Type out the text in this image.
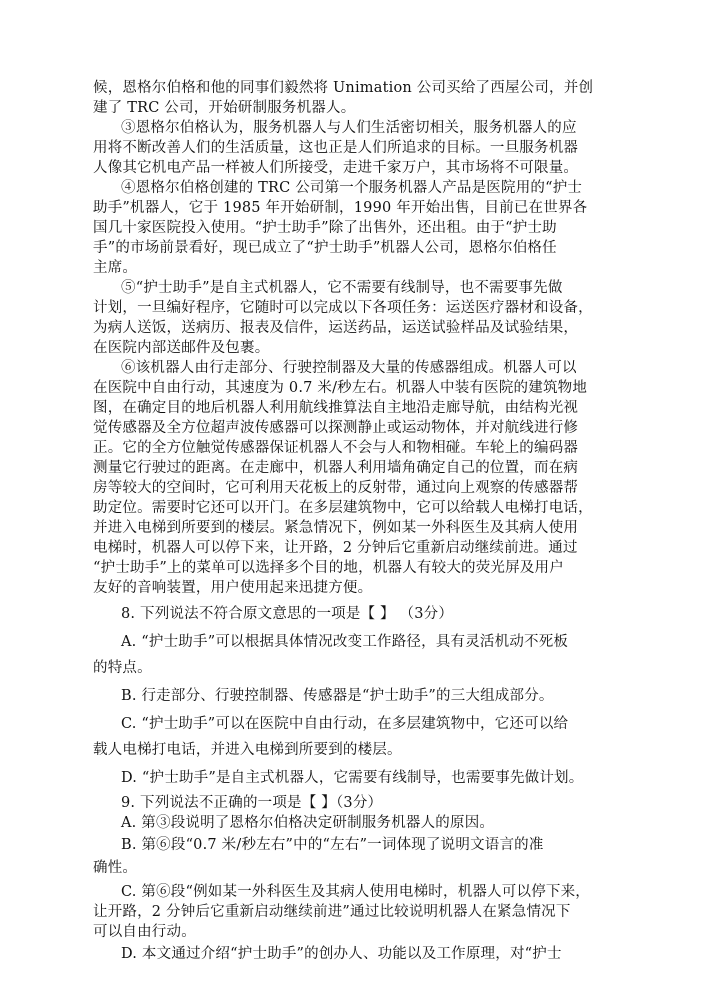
候，恩格尔伯格和他的同事们毅然将 Unimation 公司买给了西屋公司，并创
建了 TRC 公司，开始研制服务机器人。
③恩格尔伯格认为，服务机器人与人们生活密切相关，服务机器人的应
用将不断改善人们的生活质量，这也正是人们所追求的目标。一旦服务机器
人像其它机电产品一样被人们所接受，走进千家万户，其市场将不可限量。
④恩格尔伯格创建的 TRC 公司第一个服务机器人产品是医院用的“护士
助手”机器人，它于 1985 年开始研制，1990 年开始出售，目前已在世界各
国几十家医院投入使用。“护士助手”除了出售外，还出租。由于“护士助
手”的市场前景看好，现已成立了“护士助手”机器人公司，恩格尔伯格任
主席。
⑤“护士助手”是自主式机器人，它不需要有线制导，也不需要事先做
计划，一旦编好程序，它随时可以完成以下各项任务：运送医疗器材和设备，
为病人送饭，送病历、报表及信件，运送药品，运送试验样品及试验结果，
在医院内部送邮件及包裹。
⑥该机器人由行走部分、行驶控制器及大量的传感器组成。机器人可以
在医院中自由行动，其速度为 0.7 米/秒左右。机器人中装有医院的建筑物地
图，在确定目的地后机器人利用航线推算法自主地沿走廊导航，由结构光视
觉传感器及全方位超声波传感器可以探测静止或运动物体，并对航线进行修
正。它的全方位触觉传感器保证机器人不会与人和物相碰。车轮上的编码器
测量它行驶过的距离。在走廊中，机器人利用墙角确定自己的位置，而在病
房等较大的空间时，它可利用天花板上的反射带，通过向上观察的传感器帮
助定位。需要时它还可以开门。在多层建筑物中，它可以给载人电梯打电话，
并进入电梯到所要到的楼层。紧急情况下，例如某一外科医生及其病人使用
电梯时，机器人可以停下来，让开路，2 分钟后它重新启动继续前进。通过
“护士助手”上的菜单可以选择多个目的地，机器人有较大的荧光屏及用户
友好的音响装置，用户使用起来迅捷方便。
8. 下列说法不符合原文意思的一项是【 】 （3分）
A. “护士助手”可以根据具体情况改变工作路径，具有灵活机动不死板
的特点。
B. 行走部分、行驶控制器、传感器是“护士助手”的三大组成部分。
C. “护士助手”可以在医院中自由行动，在多层建筑物中，它还可以给
载人电梯打电话，并进入电梯到所要到的楼层。
D. “护士助手”是自主式机器人，它需要有线制导，也需要事先做计划。
9. 下列说法不正确的一项是【 】（3分）
A. 第③段说明了恩格尔伯格决定研制服务机器人的原因。
B. 第⑥段“0.7 米/秒左右”中的“左右”一词体现了说明文语言的准
确性。
C. 第⑥段“例如某一外科医生及其病人使用电梯时，机器人可以停下来，
让开路，2 分钟后它重新启动继续前进”通过比较说明机器人在紧急情况下
可以自由行动。
D. 本文通过介绍“护士助手”的创办人、功能以及工作原理，对“护士
